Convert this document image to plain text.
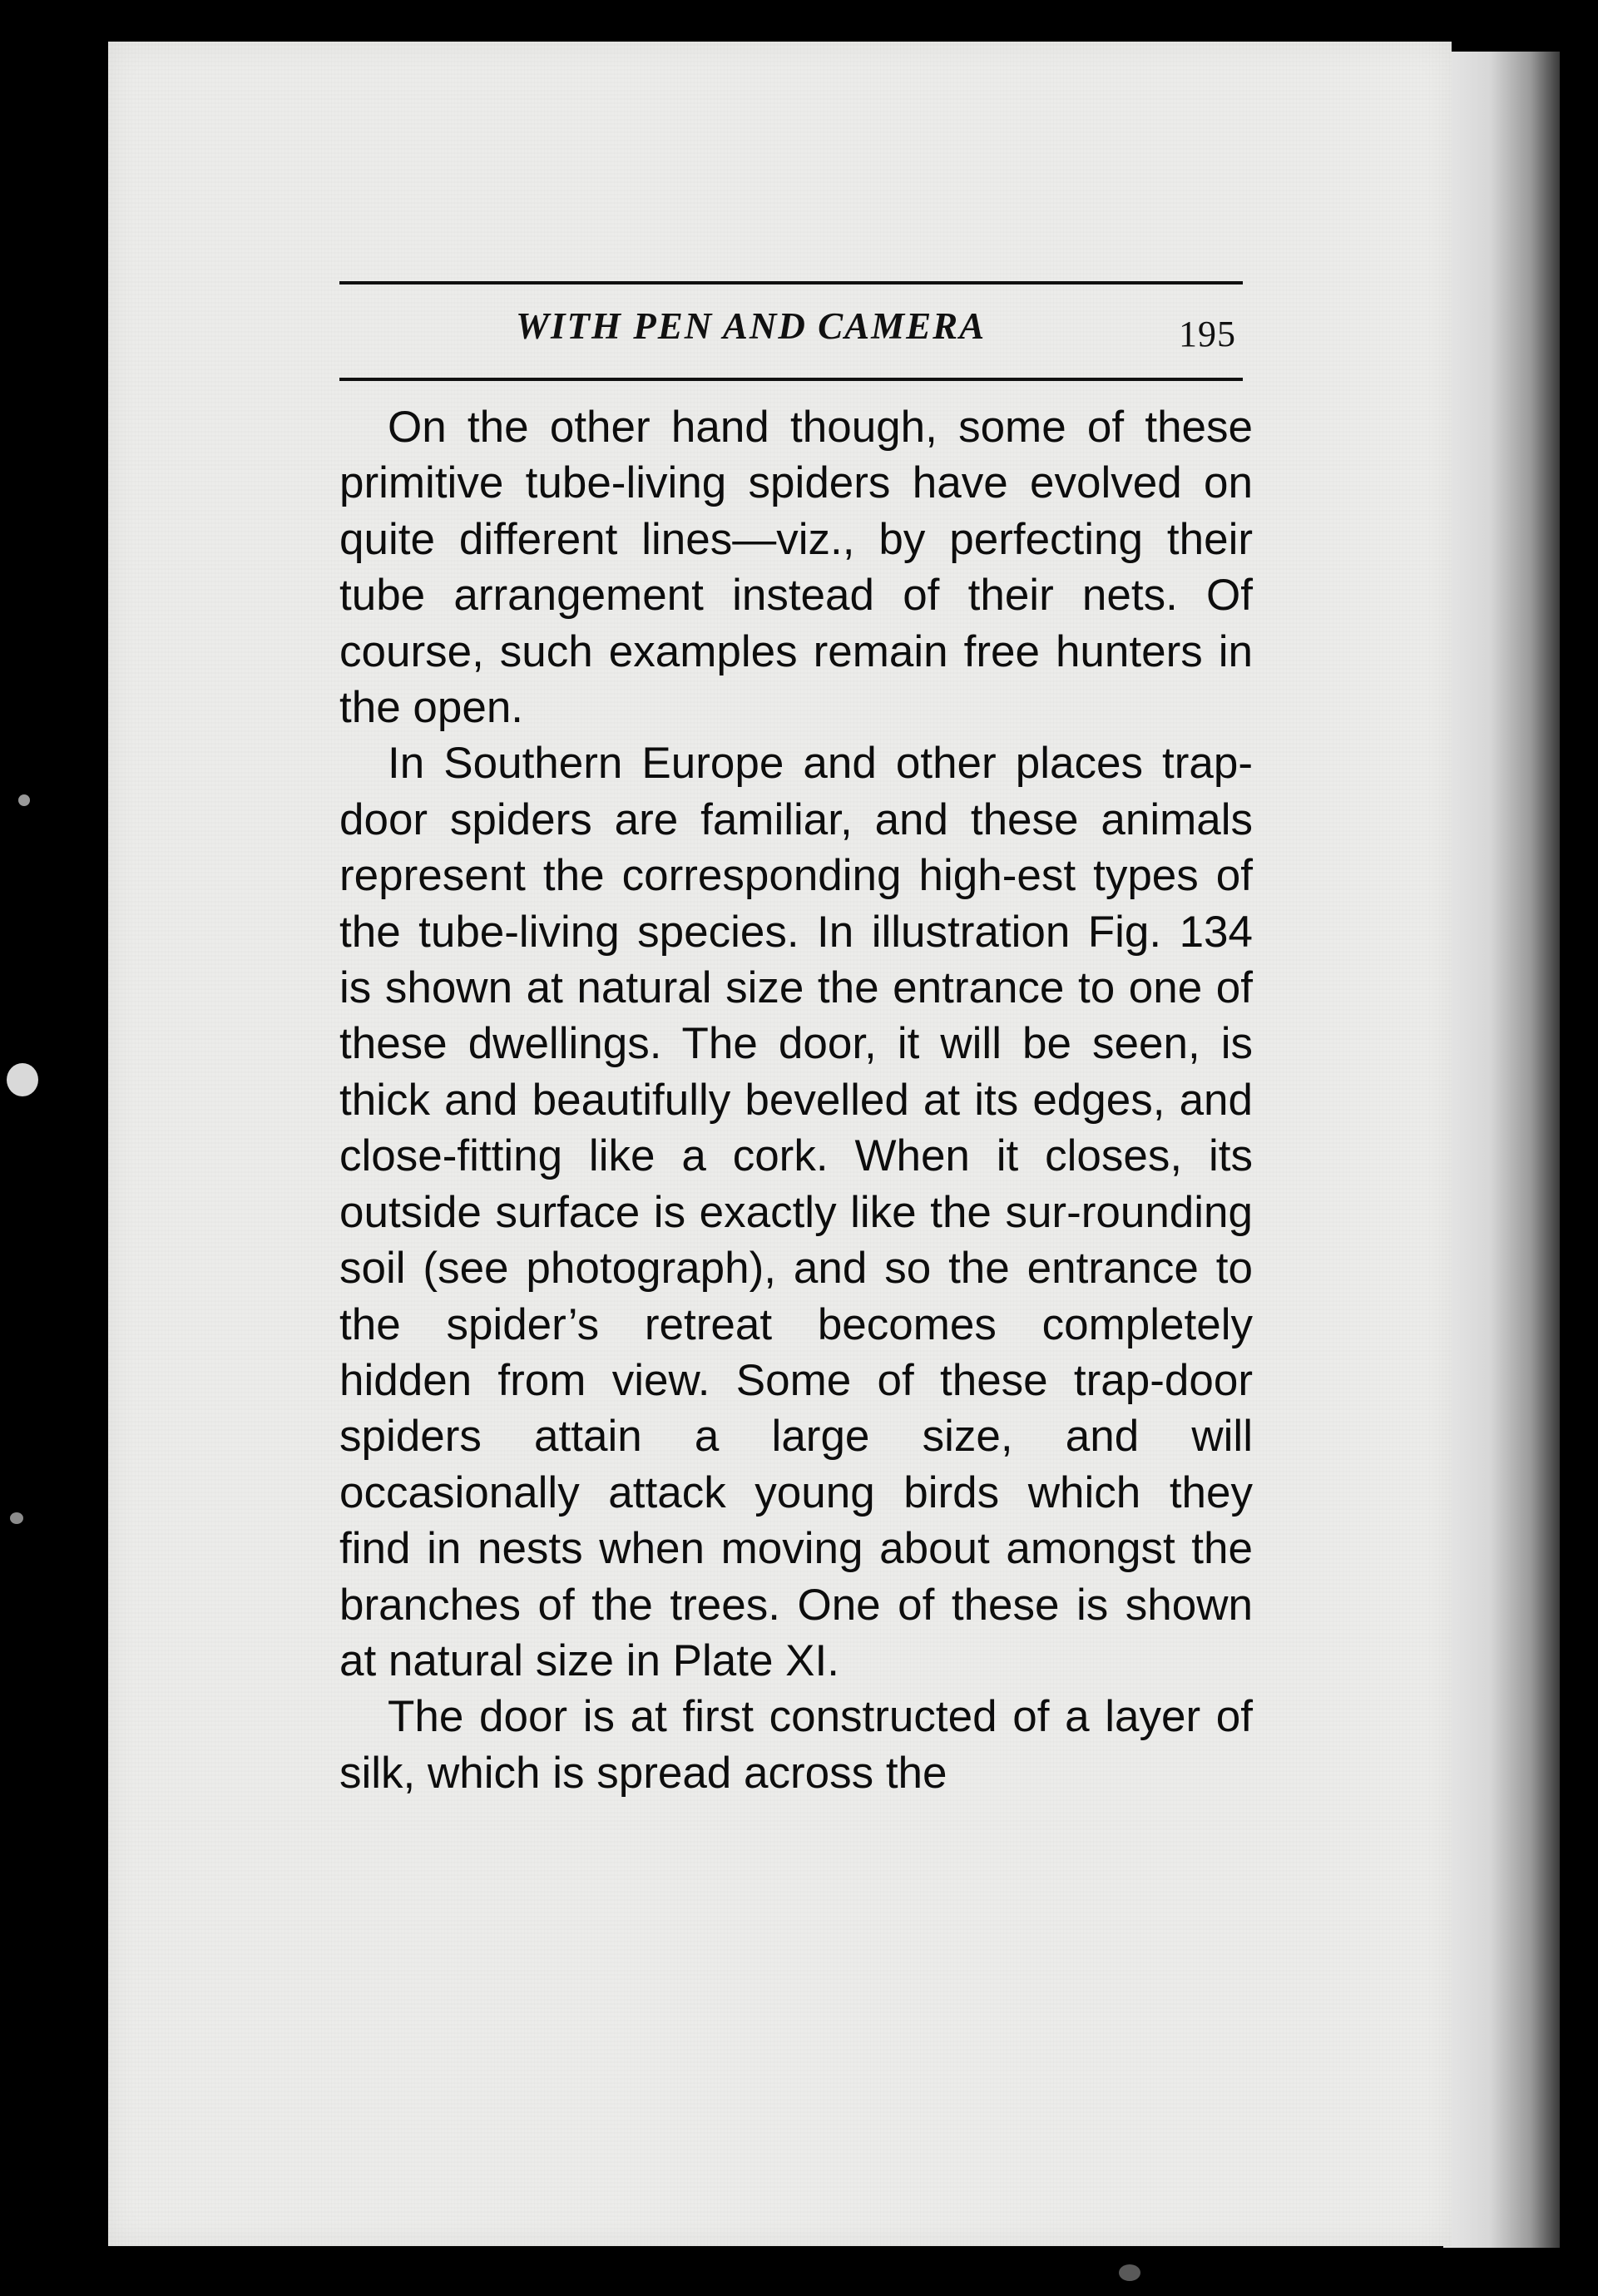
WITH PEN AND CAMERA	195

On the other hand though, some of these primitive tube-living spiders have evolved on quite different lines—viz., by perfecting their tube arrangement instead of their nets. Of course, such examples remain free hunters in the open.

In Southern Europe and other places trap-door spiders are familiar, and these animals represent the corresponding high-est types of the tube-living species. In illustration Fig. 134 is shown at natural size the entrance to one of these dwellings. The door, it will be seen, is thick and beautifully bevelled at its edges, and close-fitting like a cork. When it closes, its outside surface is exactly like the sur-rounding soil (see photograph), and so the entrance to the spider’s retreat becomes completely hidden from view. Some of these trap-door spiders attain a large size, and will occasionally attack young birds which they find in nests when moving about amongst the branches of the trees. One of these is shown at natural size in Plate XI.

The door is at first constructed of a layer of silk, which is spread across the
